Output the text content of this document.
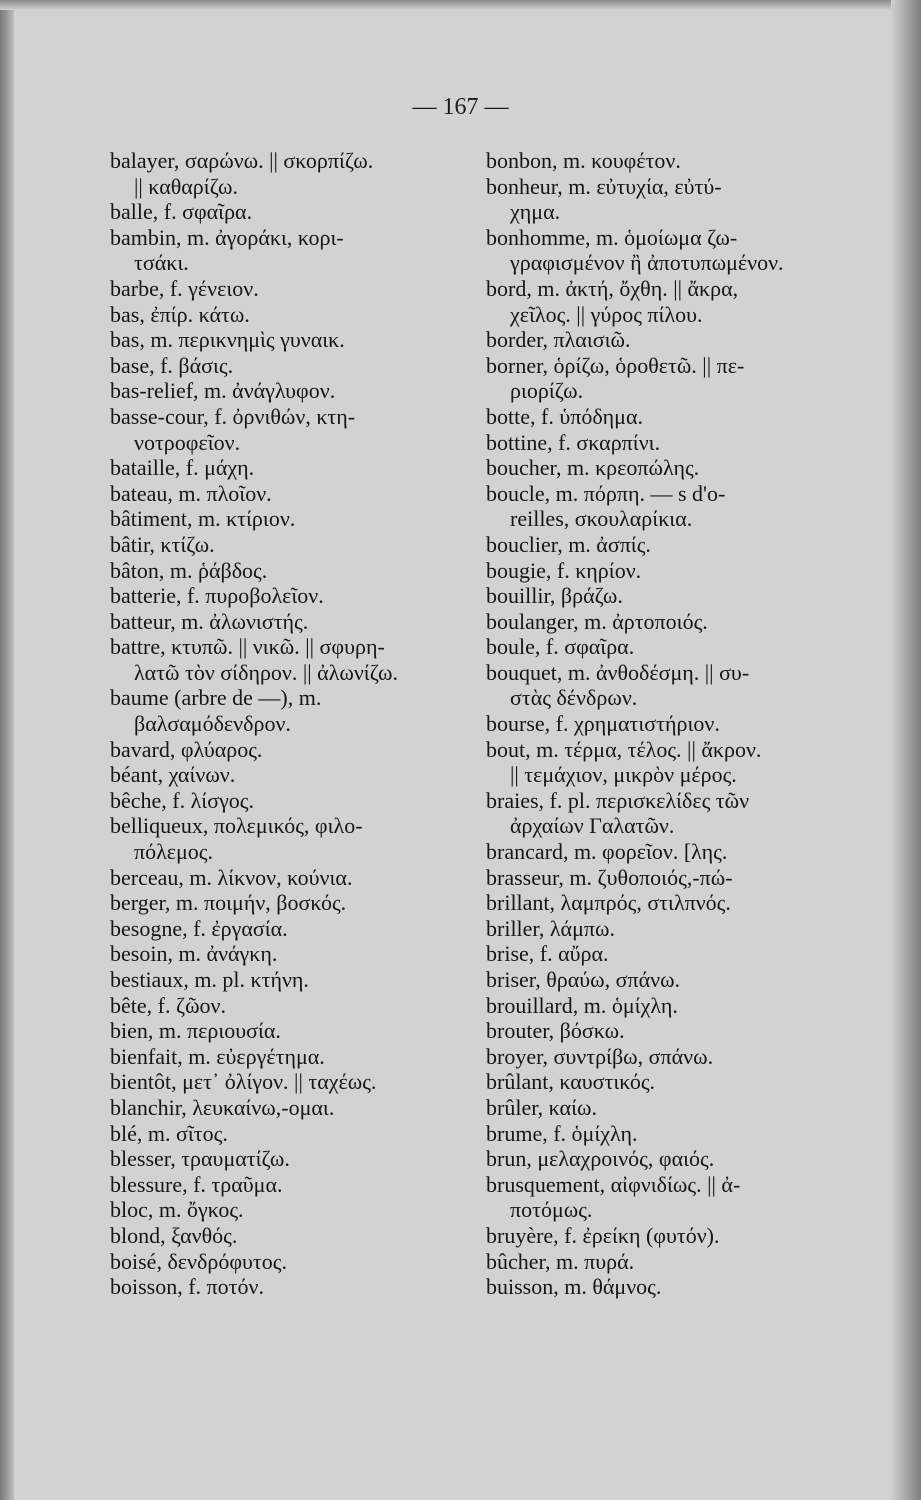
— 167 —

balayer, σαρώνω. || σκορπίζω.

|| καθαρίζω.

balle, f. σφαῖρα.

bambin, m. ἀγοράκι, κορι-

τσάκι.

barbe, f. γένειον.

bas, ἐπίρ. κάτω.

bas, m. περικνημὶς γυναικ.

base, f. βάσις.

bas-relief, m. ἀνάγλυφον.

basse-cour, f. ὀρνιθών, κτη-

νοτροφεῖον.

bataille, f. μάχη.

bateau, m. πλοῖον.

bâtiment, m. κτίριον.

bâtir, κτίζω.

bâton, m. ῥάβδος.

batterie, f. πυροβολεῖον.

batteur, m. ἀλωνιστής.

battre, κτυπῶ. || νικῶ. || σφυρη-

λατῶ τὸν σίδηρον. || ἀλωνίζω.

baume (arbre de —), m.

βαλσαμόδενδρον.

bavard, φλύαρος.

béant, χαίνων.

bêche, f. λίσγος.

belliqueux, πολεμικός, φιλο-

πόλεμος.

berceau, m. λίκνον, κούνια.

berger, m. ποιμήν, βοσκός.

besogne, f. ἐργασία.

besoin, m. ἀνάγκη.

bestiaux, m. pl. κτήνη.

bête, f. ζῶον.

bien, m. περιουσία.

bienfait, m. εὐεργέτημα.

bientôt, μετ᾽ ὀλίγον. || ταχέως.

blanchir, λευκαίνω,-ομαι.

blé, m. σῖτος.

blesser, τραυματίζω.

blessure, f. τραῦμα.

bloc, m. ὄγκος.

blond, ξανθός.

boisé, δενδρόφυτος.

boisson, f. ποτόν.

bonbon, m. κουφέτον.

bonheur, m. εὐτυχία, εὐτύ-

χημα.

bonhomme, m. ὁμοίωμα ζω-

γραφισμένον ἢ ἀποτυπωμένον.

bord, m. ἀκτή, ὄχθη. || ἄκρα,

χεῖλος. || γύρος πίλου.

border, πλαισιῶ.

borner, ὁρίζω, ὁροθετῶ. || πε-

ριορίζω.

botte, f. ὑπόδημα.

bottine, f. σκαρπίνι.

boucher, m. κρεοπώλης.

boucle, m. πόρπη. — s d'o-

reilles, σκουλαρίκια.

bouclier, m. ἀσπίς.

bougie, f. κηρίον.

bouillir, βράζω.

boulanger, m. ἀρτοποιός.

boule, f. σφαῖρα.

bouquet, m. ἀνθοδέσμη. || συ-

στὰς δένδρων.

bourse, f. χρηματιστήριον.

bout, m. τέρμα, τέλος. || ἄκρον.

|| τεμάχιον, μικρὸν μέρος.

braies, f. pl. περισκελίδες τῶν

ἀρχαίων Γαλατῶν.

brancard, m. φορεῖον. [λης.

brasseur, m. ζυθοποιός,-πώ-

brillant, λαμπρός, στιλπνός.

briller, λάμπω.

brise, f. αὔρα.

briser, θραύω, σπάνω.

brouillard, m. ὁμίχλη.

brouter, βόσκω.

broyer, συντρίβω, σπάνω.

brûlant, καυστικός.

brûler, καίω.

brume, f. ὁμίχλη.

brun, μελαχροινός, φαιός.

brusquement, αἰφνιδίως. || ἀ-

ποτόμως.

bruyère, f. ἐρείκη (φυτόν).

bûcher, m. πυρά.

buisson, m. θάμνος.
